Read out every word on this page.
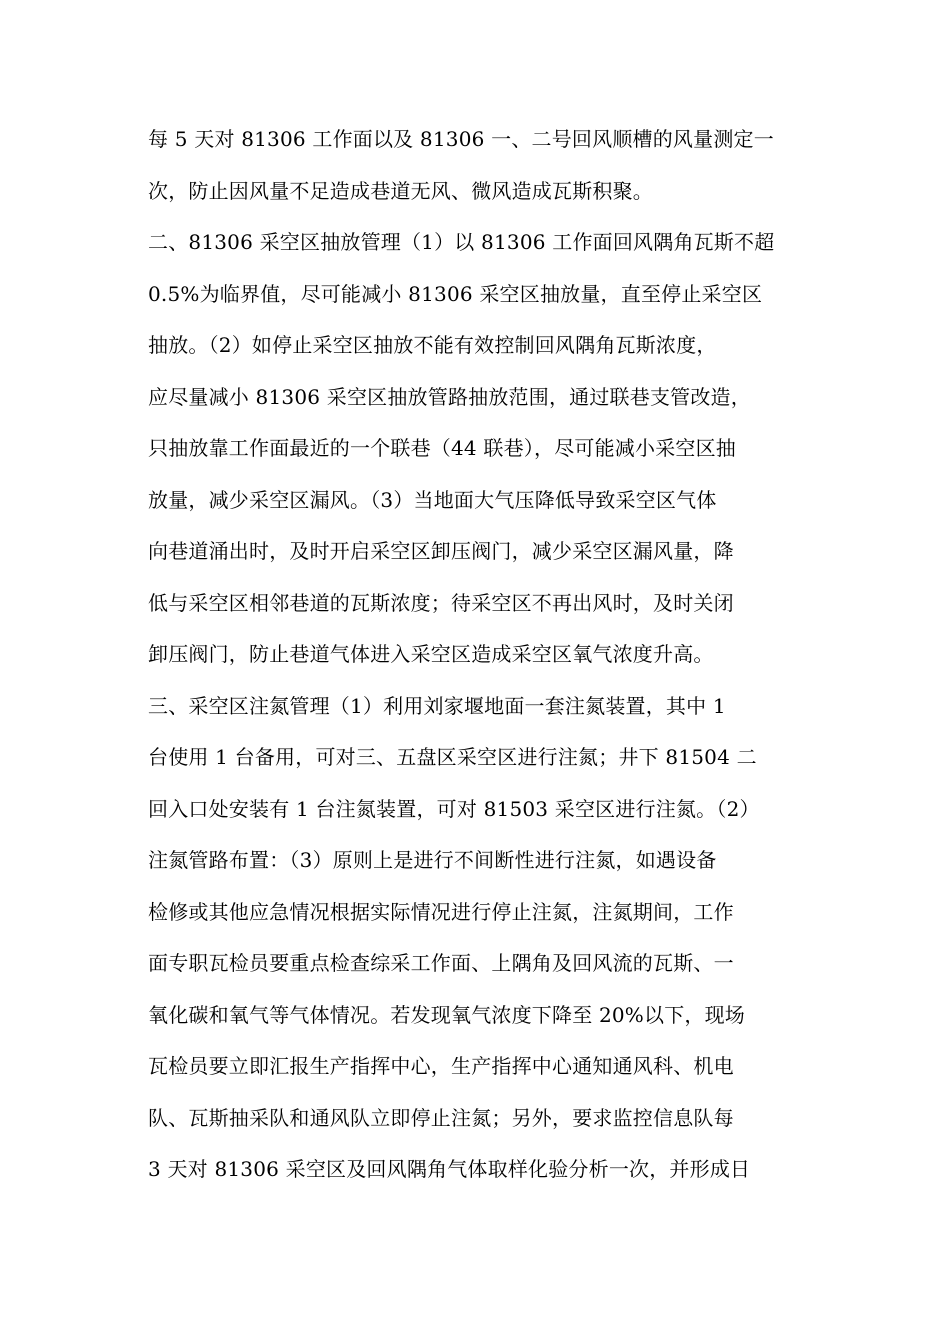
每 5 天对 81306 工作面以及 81306 一、二号回风顺槽的风量测定一
次，防止因风量不足造成巷道无风、微风造成瓦斯积聚。
二、81306 采空区抽放管理（1）以 81306 工作面回风隅角瓦斯不超
0.5%为临界值，尽可能减小 81306 采空区抽放量，直至停止采空区
抽放。（2）如停止采空区抽放不能有效控制回风隅角瓦斯浓度，
应尽量减小 81306 采空区抽放管路抽放范围，通过联巷支管改造，
只抽放靠工作面最近的一个联巷（44 联巷），尽可能减小采空区抽
放量，减少采空区漏风。（3）当地面大气压降低导致采空区气体
向巷道涌出时，及时开启采空区卸压阀门，减少采空区漏风量，降
低与采空区相邻巷道的瓦斯浓度；待采空区不再出风时，及时关闭
卸压阀门，防止巷道气体进入采空区造成采空区氧气浓度升高。
三、采空区注氮管理（1）利用刘家堰地面一套注氮装置，其中 1
台使用 1 台备用，可对三、五盘区采空区进行注氮；井下 81504 二
回入口处安装有 1 台注氮装置，可对 81503 采空区进行注氮。（2）
注氮管路布置：（3）原则上是进行不间断性进行注氮，如遇设备
检修或其他应急情况根据实际情况进行停止注氮，注氮期间，工作
面专职瓦检员要重点检查综采工作面、上隅角及回风流的瓦斯、一
氧化碳和氧气等气体情况。若发现氧气浓度下降至 20%以下，现场
瓦检员要立即汇报生产指挥中心，生产指挥中心通知通风科、机电
队、瓦斯抽采队和通风队立即停止注氮；另外，要求监控信息队每
3 天对 81306 采空区及回风隅角气体取样化验分析一次，并形成日
